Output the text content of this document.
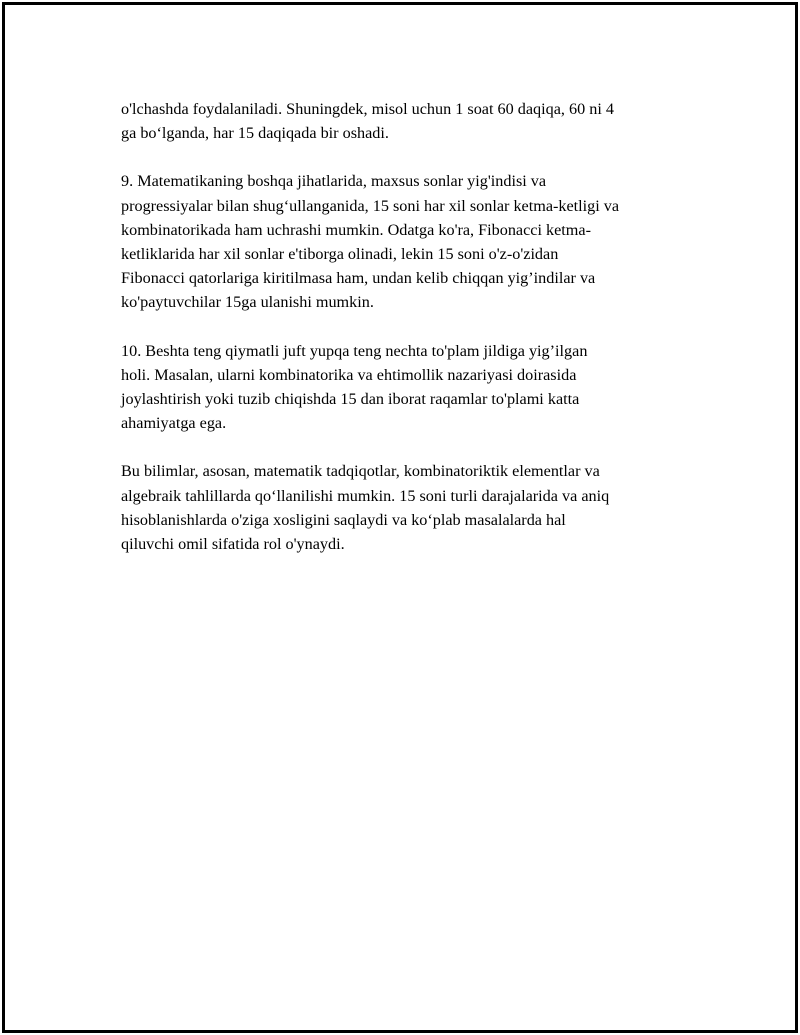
o'lchashda foydalaniladi. Shuningdek, misol uchun 1 soat 60 daqiqa, 60 ni 4
ga bo‘lganda, har 15 daqiqada bir oshadi.

9. Matematikaning boshqa jihatlarida, maxsus sonlar yig'indisi va
progressiyalar bilan shug‘ullanganida, 15 soni har xil sonlar ketma-ketligi va
kombinatorikada ham uchrashi mumkin. Odatga ko'ra, Fibonacci ketma-
ketliklarida har xil sonlar e'tiborga olinadi, lekin 15 soni o'z-o'zidan
Fibonacci qatorlariga kiritilmasa ham, undan kelib chiqqan yig’indilar va
ko'paytuvchilar 15ga ulanishi mumkin.

10. Beshta teng qiymatli juft yupqa teng nechta to'plam jildiga yig’ilgan
holi. Masalan, ularni kombinatorika va ehtimollik nazariyasi doirasida
joylashtirish yoki tuzib chiqishda 15 dan iborat raqamlar to'plami katta
ahamiyatga ega.

Bu bilimlar, asosan, matematik tadqiqotlar, kombinatoriktik elementlar va
algebraik tahlillarda qo‘llanilishi mumkin. 15 soni turli darajalarida va aniq
hisoblanishlarda o'ziga xosligini saqlaydi va ko‘plab masalalarda hal
qiluvchi omil sifatida rol o'ynaydi.
